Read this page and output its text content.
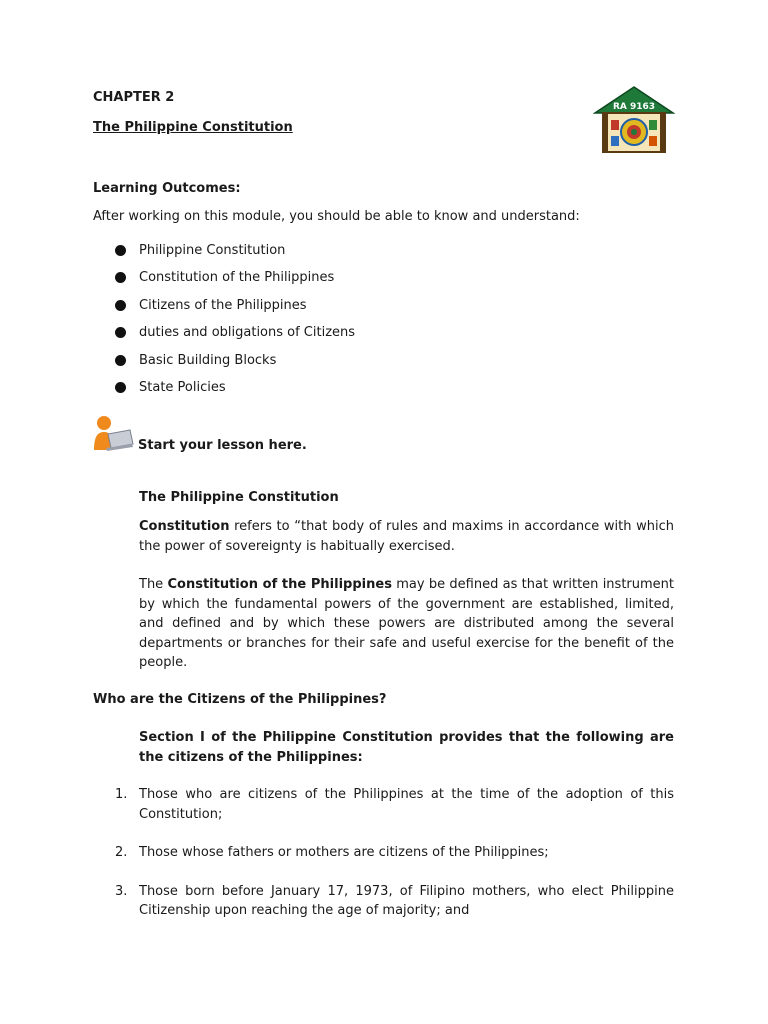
CHAPTER 2
The Philippine Constitution
RA 9163
Learning Outcomes:
After working on this module, you should be able to know and understand:
Philippine Constitution
Constitution of the Philippines
Citizens of the Philippines
duties and obligations of Citizens
Basic Building Blocks
State Policies
Start your lesson here.
The Philippine Constitution
Constitution refers to “that body of rules and maxims in accordance with which the power of sovereignty is habitually exercised.
The Constitution of the Philippines may be defined as that written instrument by which the fundamental powers of the government are established, limited, and defined and by which these powers are distributed among the several departments or branches for their safe and useful exercise for the benefit of the people.
Who are the Citizens of the Philippines?
Section I of the Philippine Constitution provides that the following are the citizens of the Philippines:
1. Those who are citizens of the Philippines at the time of the adoption of this Constitution;
2. Those whose fathers or mothers are citizens of the Philippines;
3. Those born before January 17, 1973, of Filipino mothers, who elect Philippine Citizenship upon reaching the age of majority; and
